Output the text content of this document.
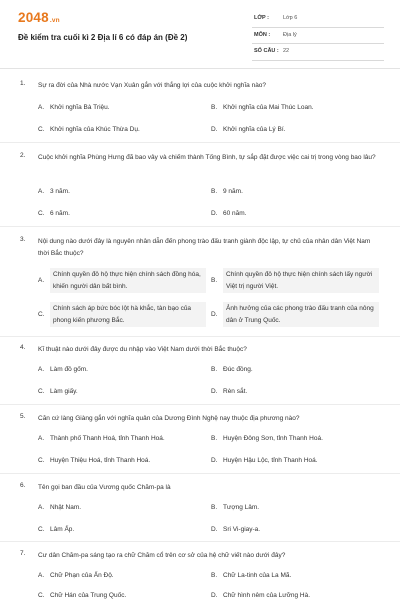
2048.vn
Đề kiểm tra cuối kì 2 Địa lí 6 có đáp án (Đề 2)
LỚP :	Lớp 6
MÔN : Địa lý
SỐ CÂU : 22
1. Sự ra đời của Nhà nước Vạn Xuân gắn với thắng lợi của cuộc khởi nghĩa nào?
A. Khởi nghĩa Bà Triệu.	B. Khởi nghĩa của Mai Thúc Loan.
C. Khởi nghĩa của Khúc Thừa Dụ.	D. Khởi nghĩa của Lý Bí.
2. Cuộc khởi nghĩa Phùng Hưng đã bao vây và chiếm thành Tống Bình, tự sắp đặt được việc cai trị trong vòng bao lâu?
A. 3 năm.	B. 9 năm.
C. 6 năm.	D. 60 năm.
3. Nội dung nào dưới đây là nguyên nhân dẫn đến phong trào đấu tranh giành độc lập, tự chủ của nhân dân Việt Nam thời Bắc thuộc?
A.
Chính quyền đô hộ thực hiện chính sách đồng hóa, khiến người dân bất bình.
B.
Chính quyền đô hộ thực hiện chính sách lấy người Việt trị người Việt.
C.
Chính sách áp bức bóc lột hà khắc, tàn bạo của phong kiến phương Bắc.
D.
Ảnh hưởng của các phong trào đấu tranh của nông dân ở Trung Quốc.
4. Kĩ thuật nào dưới đây được du nhập vào Việt Nam dưới thời Bắc thuộc?
A. Làm đồ gốm.	B. Đúc đồng.
C. Làm giấy.	D. Rèn sắt.
5. Căn cứ làng Giàng gắn với nghĩa quân của Dương Đình Nghệ nay thuộc địa phương nào?
A. Thành phố Thanh Hoá, tỉnh Thanh Hoá.	B. Huyện Đông Sơn, tỉnh Thanh Hoá.
C. Huyện Thiệu Hoá, tỉnh Thanh Hoá.	D. Huyện Hậu Lộc, tỉnh Thanh Hoá.
6. Tên gọi ban đầu của Vương quốc Chăm-pa là
A. Nhật Nam.	B. Tượng Lâm.
C. Lâm Ấp.	D. Sri Vi-giay-a.
7. Cư dân Chăm-pa sáng tạo ra chữ Chăm cổ trên cơ sở của hệ chữ viết nào dưới đây?
A. Chữ Phạn của Ấn Độ.	B. Chữ La-tinh của La Mã.
C. Chữ Hán của Trung Quốc.	D. Chữ hình nêm của Lưỡng Hà.
